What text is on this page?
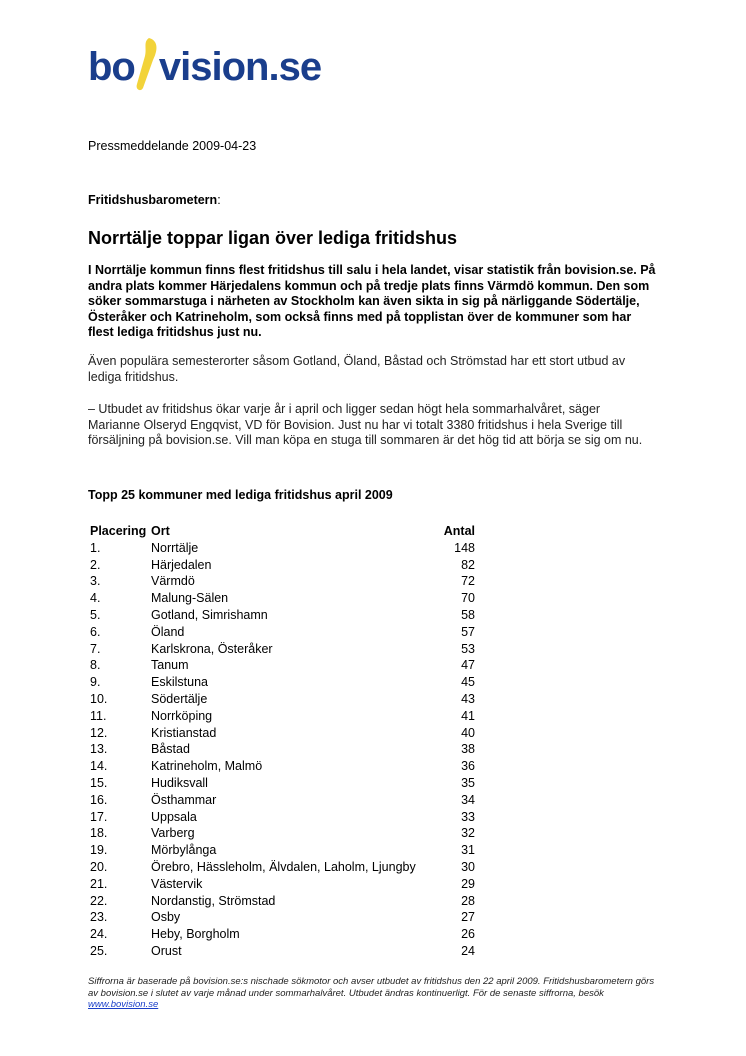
bo vision.se
Pressmeddelande 2009-04-23
Fritidshusbarometern:
Norrtälje toppar ligan över lediga fritidshus
I Norrtälje kommun finns flest fritidshus till salu i hela landet, visar statistik från bovision.se. På andra plats kommer Härjedalens kommun och på tredje plats finns Värmdö kommun. Den som söker sommarstuga i närheten av Stockholm kan även sikta in sig på närliggande Södertälje, Österåker och Katrineholm, som också finns med på topplistan över de kommuner som har flest lediga fritidshus just nu.
Även populära semesterorter såsom Gotland, Öland, Båstad och Strömstad har ett stort utbud av lediga fritidshus.
– Utbudet av fritidshus ökar varje år i april och ligger sedan högt hela sommarhalvåret, säger Marianne Olseryd Engqvist, VD för Bovision. Just nu har vi totalt 3380 fritidshus i hela Sverige till försäljning på bovision.se. Vill man köpa en stuga till sommaren är det hög tid att börja se sig om nu.
Topp 25 kommuner med lediga fritidshus april 2009
Placering Ort	Antal
1.	Norrtälje	148
2.	Härjedalen	82
3.	Värmdö	72
4.	Malung-Sälen	70
5.	Gotland, Simrishamn	58
6.	Öland	57
7.	Karlskrona, Österåker	53
8.	Tanum	47
9.	Eskilstuna	45
10.	Södertälje	43
11.	Norrköping	41
12.	Kristianstad	40
13.	Båstad	38
14.	Katrineholm, Malmö	36
15.	Hudiksvall	35
16.	Östhammar	34
17.	Uppsala	33
18.	Varberg	32
19.	Mörbylånga	31
20.	Örebro, Hässleholm, Älvdalen, Laholm, Ljungby	30
21.	Västervik	29
22.	Nordanstig, Strömstad	28
23.	Osby	27
24.	Heby, Borgholm	26
25.	Orust	24
Siffrorna är baserade på bovision.se:s nischade sökmotor och avser utbudet av fritidshus den 22 april 2009. Fritidshusbarometern görs av bovision.se i slutet av varje månad under sommarhalvåret. Utbudet ändras kontinuerligt. För de senaste siffrorna, besök www.bovision.se
